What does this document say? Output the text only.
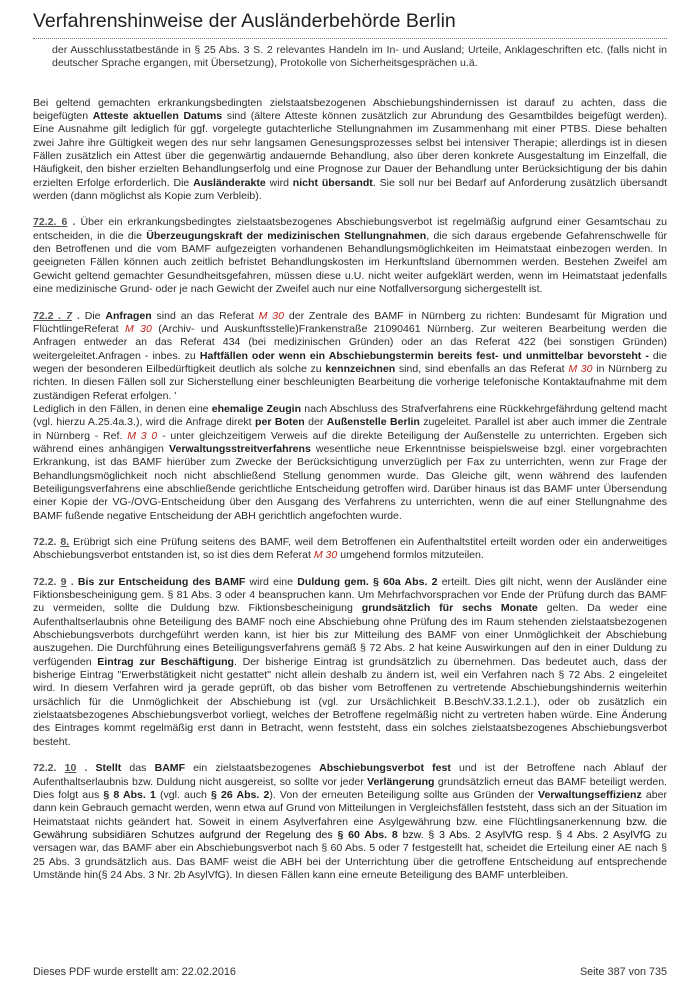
Verfahrenshinweise der Ausländerbehörde Berlin

der Ausschlusstatbestände in § 25 Abs. 3 S. 2 relevantes Handeln im In- und Ausland; Urteile, Anklageschriften etc. (falls nicht in deutscher Sprache ergangen, mit Übersetzung), Protokolle von Sicherheitsgesprächen u.ä.

Bei geltend gemachten erkrankungsbedingten zielstaatsbezogenen Abschiebungshindernissen ist darauf zu achten, dass die beigefügten Atteste aktuellen Datums sind (ältere Atteste können zusätzlich zur Abrundung des Gesamtbildes beigefügt werden). Eine Ausnahme gilt lediglich für ggf. vorgelegte gutachterliche Stellungnahmen im Zusammenhang mit einer PTBS. Diese behalten zwei Jahre ihre Gültigkeit wegen des nur sehr langsamen Genesungsprozesses selbst bei intensiver Therapie; allerdings ist in diesen Fällen zusätzlich ein Attest über die gegenwärtig andauernde Behandlung, also über deren konkrete Ausgestaltung im Einzelfall, die Häufigkeit, den bisher erzielten Behandlungserfolg und eine Prognose zur Dauer der Behandlung unter Berücksichtigung der bis dahin erzielten Erfolge erforderlich. Die Ausländerakte wird nicht übersandt. Sie soll nur bei Bedarf auf Anforderung zusätzlich übersandt werden (dann möglichst als Kopie zum Verbleib).

72.2. 6 . Über ein erkrankungsbedingtes zielstaatsbezogenes Abschiebungsverbot ist regelmäßig aufgrund einer Gesamtschau zu entscheiden, in die die Überzeugungskraft der medizinischen Stellungnahmen, die sich daraus ergebende Gefahrenschwelle für den Betroffenen und die vom BAMF aufgezeigten vorhandenen Behandlungsmöglichkeiten im Heimatstaat einbezogen werden. In geeigneten Fällen können auch zeitlich befristet Behandlungskosten im Herkunftsland übernommen werden. Bestehen Zweifel am Gewicht geltend gemachter Gesundheitsgefahren, müssen diese u.U. nicht weiter aufgeklärt werden, wenn im Heimatstaat jedenfalls eine medizinische Grund- oder je nach Gewicht der Zweifel auch nur eine Notfallversorgung sichergestellt ist.

72.2 . 7 . Die Anfragen sind an das Referat M 30 der Zentrale des BAMF in Nürnberg zu richten: Bundesamt für Migration und FlüchtlingeReferat M 30 (Archiv- und Auskunftsstelle)Frankenstraße 21090461 Nürnberg. Zur weiteren Bearbeitung werden die Anfragen entweder an das Referat 434 (bei medizinischen Gründen) oder an das Referat 422 (bei sonstigen Gründen) weitergeleitet.Anfragen - inbes. zu Haftfällen oder wenn ein Abschiebungstermin bereits fest- und unmittelbar bevorsteht - die wegen der besonderen Eilbedürftigkeit deutlich als solche zu kennzeichnen sind, sind ebenfalls an das Referat M 30 in Nürnberg zu richten. In diesen Fällen soll zur Sicherstellung einer beschleunigten Bearbeitung die vorherige telefonische Kontaktaufnahme mit dem zuständigen Referat erfolgen. '
Lediglich in den Fällen, in denen eine ehemalige Zeugin nach Abschluss des Strafverfahrens eine Rückkehrgefährdung geltend macht (vgl. hierzu A.25.4a.3.), wird die Anfrage direkt per Boten der Außenstelle Berlin zugeleitet. Parallel ist aber auch immer die Zentrale in Nürnberg - Ref. M 3 0 - unter gleichzeitigem Verweis auf die direkte Beteiligung der Außenstelle zu unterrichten. Ergeben sich während eines anhängigen Verwaltungsstreitverfahrens wesentliche neue Erkenntnisse beispielsweise bzgl. einer vorgebrachten Erkrankung, ist das BAMF hierüber zum Zwecke der Berücksichtigung unverzüglich per Fax zu unterrichten, wenn zur Frage der Behandlungsmöglichkeit noch nicht abschließend Stellung genommen wurde. Das Gleiche gilt, wenn während des laufenden Beteiligungsverfahrens eine abschließende gerichtliche Entscheidung getroffen wird. Darüber hinaus ist das BAMF unter Übersendung einer Kopie der VG-/OVG-Entscheidung über den Ausgang des Verfahrens zu unterrichten, wenn die auf einer Stellungnahme des BAMF fußende negative Entscheidung der ABH gerichtlich angefochten wurde.

72.2. 8. Erübrigt sich eine Prüfung seitens des BAMF, weil dem Betroffenen ein Aufenthaltstitel erteilt worden oder ein anderweitiges Abschiebungsverbot entstanden ist, so ist dies dem Referat M 30 umgehend formlos mitzuteilen.

72.2. 9 . Bis zur Entscheidung des BAMF wird eine Duldung gem. § 60a Abs. 2 erteilt. Dies gilt nicht, wenn der Ausländer eine Fiktionsbescheinigung gem. § 81 Abs. 3 oder 4 beanspruchen kann. Um Mehrfachvorsprachen vor Ende der Prüfung durch das BAMF zu vermeiden, sollte die Duldung bzw. Fiktionsbescheinigung grundsätzlich für sechs Monate gelten. Da weder eine Aufenthaltserlaubnis ohne Beteiligung des BAMF noch eine Abschiebung ohne Prüfung des im Raum stehenden zielstaatsbezogenen Abschiebungsverbots durchgeführt werden kann, ist hier bis zur Mitteilung des BAMF von einer Unmöglichkeit der Abschiebung auszugehen. Die Durchführung eines Beteiligungsverfahrens gemäß § 72 Abs. 2 hat keine Auswirkungen auf den in einer Duldung zu verfügenden Eintrag zur Beschäftigung. Der bisherige Eintrag ist grundsätzlich zu übernehmen. Das bedeutet auch, dass der bisherige Eintrag "Erwerbstätigkeit nicht gestattet" nicht allein deshalb zu ändern ist, weil ein Verfahren nach § 72 Abs. 2 eingeleitet wird. In diesem Verfahren wird ja gerade geprüft, ob das bisher vom Betroffenen zu vertretende Abschiebungshindernis weiterhin ursächlich für die Unmöglichkeit der Abschiebung ist (vgl. zur Ursächlichkeit B.BeschV.33.1.2.1.), oder ob zusätzlich ein zielstaatsbezogenes Abschiebungsverbot vorliegt, welches der Betroffene regelmäßig nicht zu vertreten haben würde. Eine Änderung des Eintrages kommt regelmäßig erst dann in Betracht, wenn feststeht, dass ein solches zielstaatsbezogenes Abschiebungsverbot besteht.

72.2. 10 . Stellt das BAMF ein zielstaatsbezogenes Abschiebungsverbot fest und ist der Betroffene nach Ablauf der Aufenthaltserlaubnis bzw. Duldung nicht ausgereist, so sollte vor jeder Verlängerung grundsätzlich erneut das BAMF beteiligt werden. Dies folgt aus § 8 Abs. 1 (vgl. auch § 26 Abs. 2). Von der erneuten Beteiligung sollte aus Gründen der Verwaltungseffizienz aber dann kein Gebrauch gemacht werden, wenn etwa auf Grund von Mitteilungen in Vergleichsfällen feststeht, dass sich an der Situation im Heimatstaat nichts geändert hat. Soweit in einem Asylverfahren eine Asylgewährung bzw. eine Flüchtlingsanerkennung bzw. die Gewährung subsidiären Schutzes aufgrund der Regelung des § 60 Abs. 8 bzw. § 3 Abs. 2 AsylVfG resp. § 4 Abs. 2 AsylVfG zu versagen war, das BAMF aber ein Abschiebungsverbot nach § 60 Abs. 5 oder 7 festgestellt hat, scheidet die Erteilung einer AE nach § 25 Abs. 3 grundsätzlich aus. Das BAMF weist die ABH bei der Unterrichtung über die getroffene Entscheidung auf entsprechende Umstände hin(§ 24 Abs. 3 Nr. 2b AsylVfG). In diesen Fällen kann eine erneute Beteiligung des BAMF unterbleiben.

Dieses PDF wurde erstellt am: 22.02.2016	Seite 387 von 735
